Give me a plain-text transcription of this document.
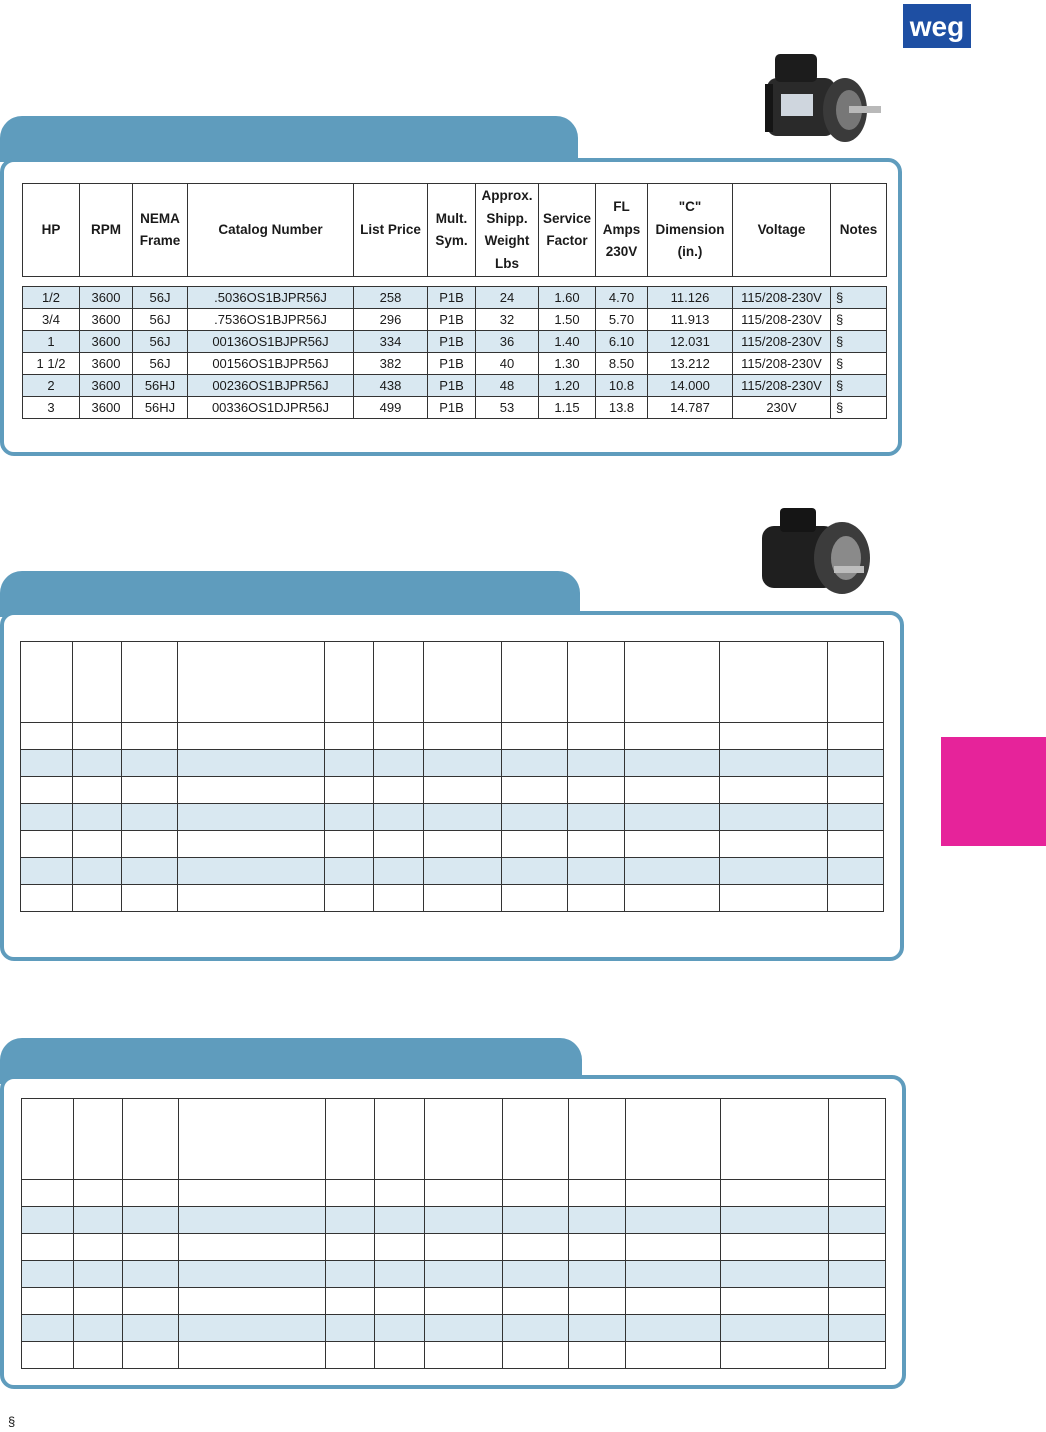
weg
HP	RPM	NEMA Frame	Catalog Number	List Price	Mult. Sym.	Approx. Shipp. Weight Lbs	Service Factor	FL Amps 230V	"C" Dimension (in.)	Voltage	Notes
1/2	3600	56J	.5036OS1BJPR56J	258	P1B	24	1.60	4.70	11.126	115/208-230V	§
3/4	3600	56J	.7536OS1BJPR56J	296	P1B	32	1.50	5.70	11.913	115/208-230V	§
1	3600	56J	00136OS1BJPR56J	334	P1B	36	1.40	6.10	12.031	115/208-230V	§
1 1/2	3600	56J	00156OS1BJPR56J	382	P1B	40	1.30	8.50	13.212	115/208-230V	§
2	3600	56HJ	00236OS1BJPR56J	438	P1B	48	1.20	10.8	14.000	115/208-230V	§
3	3600	56HJ	00336OS1DJPR56J	499	P1B	53	1.15	13.8	14.787	230V	§

§
